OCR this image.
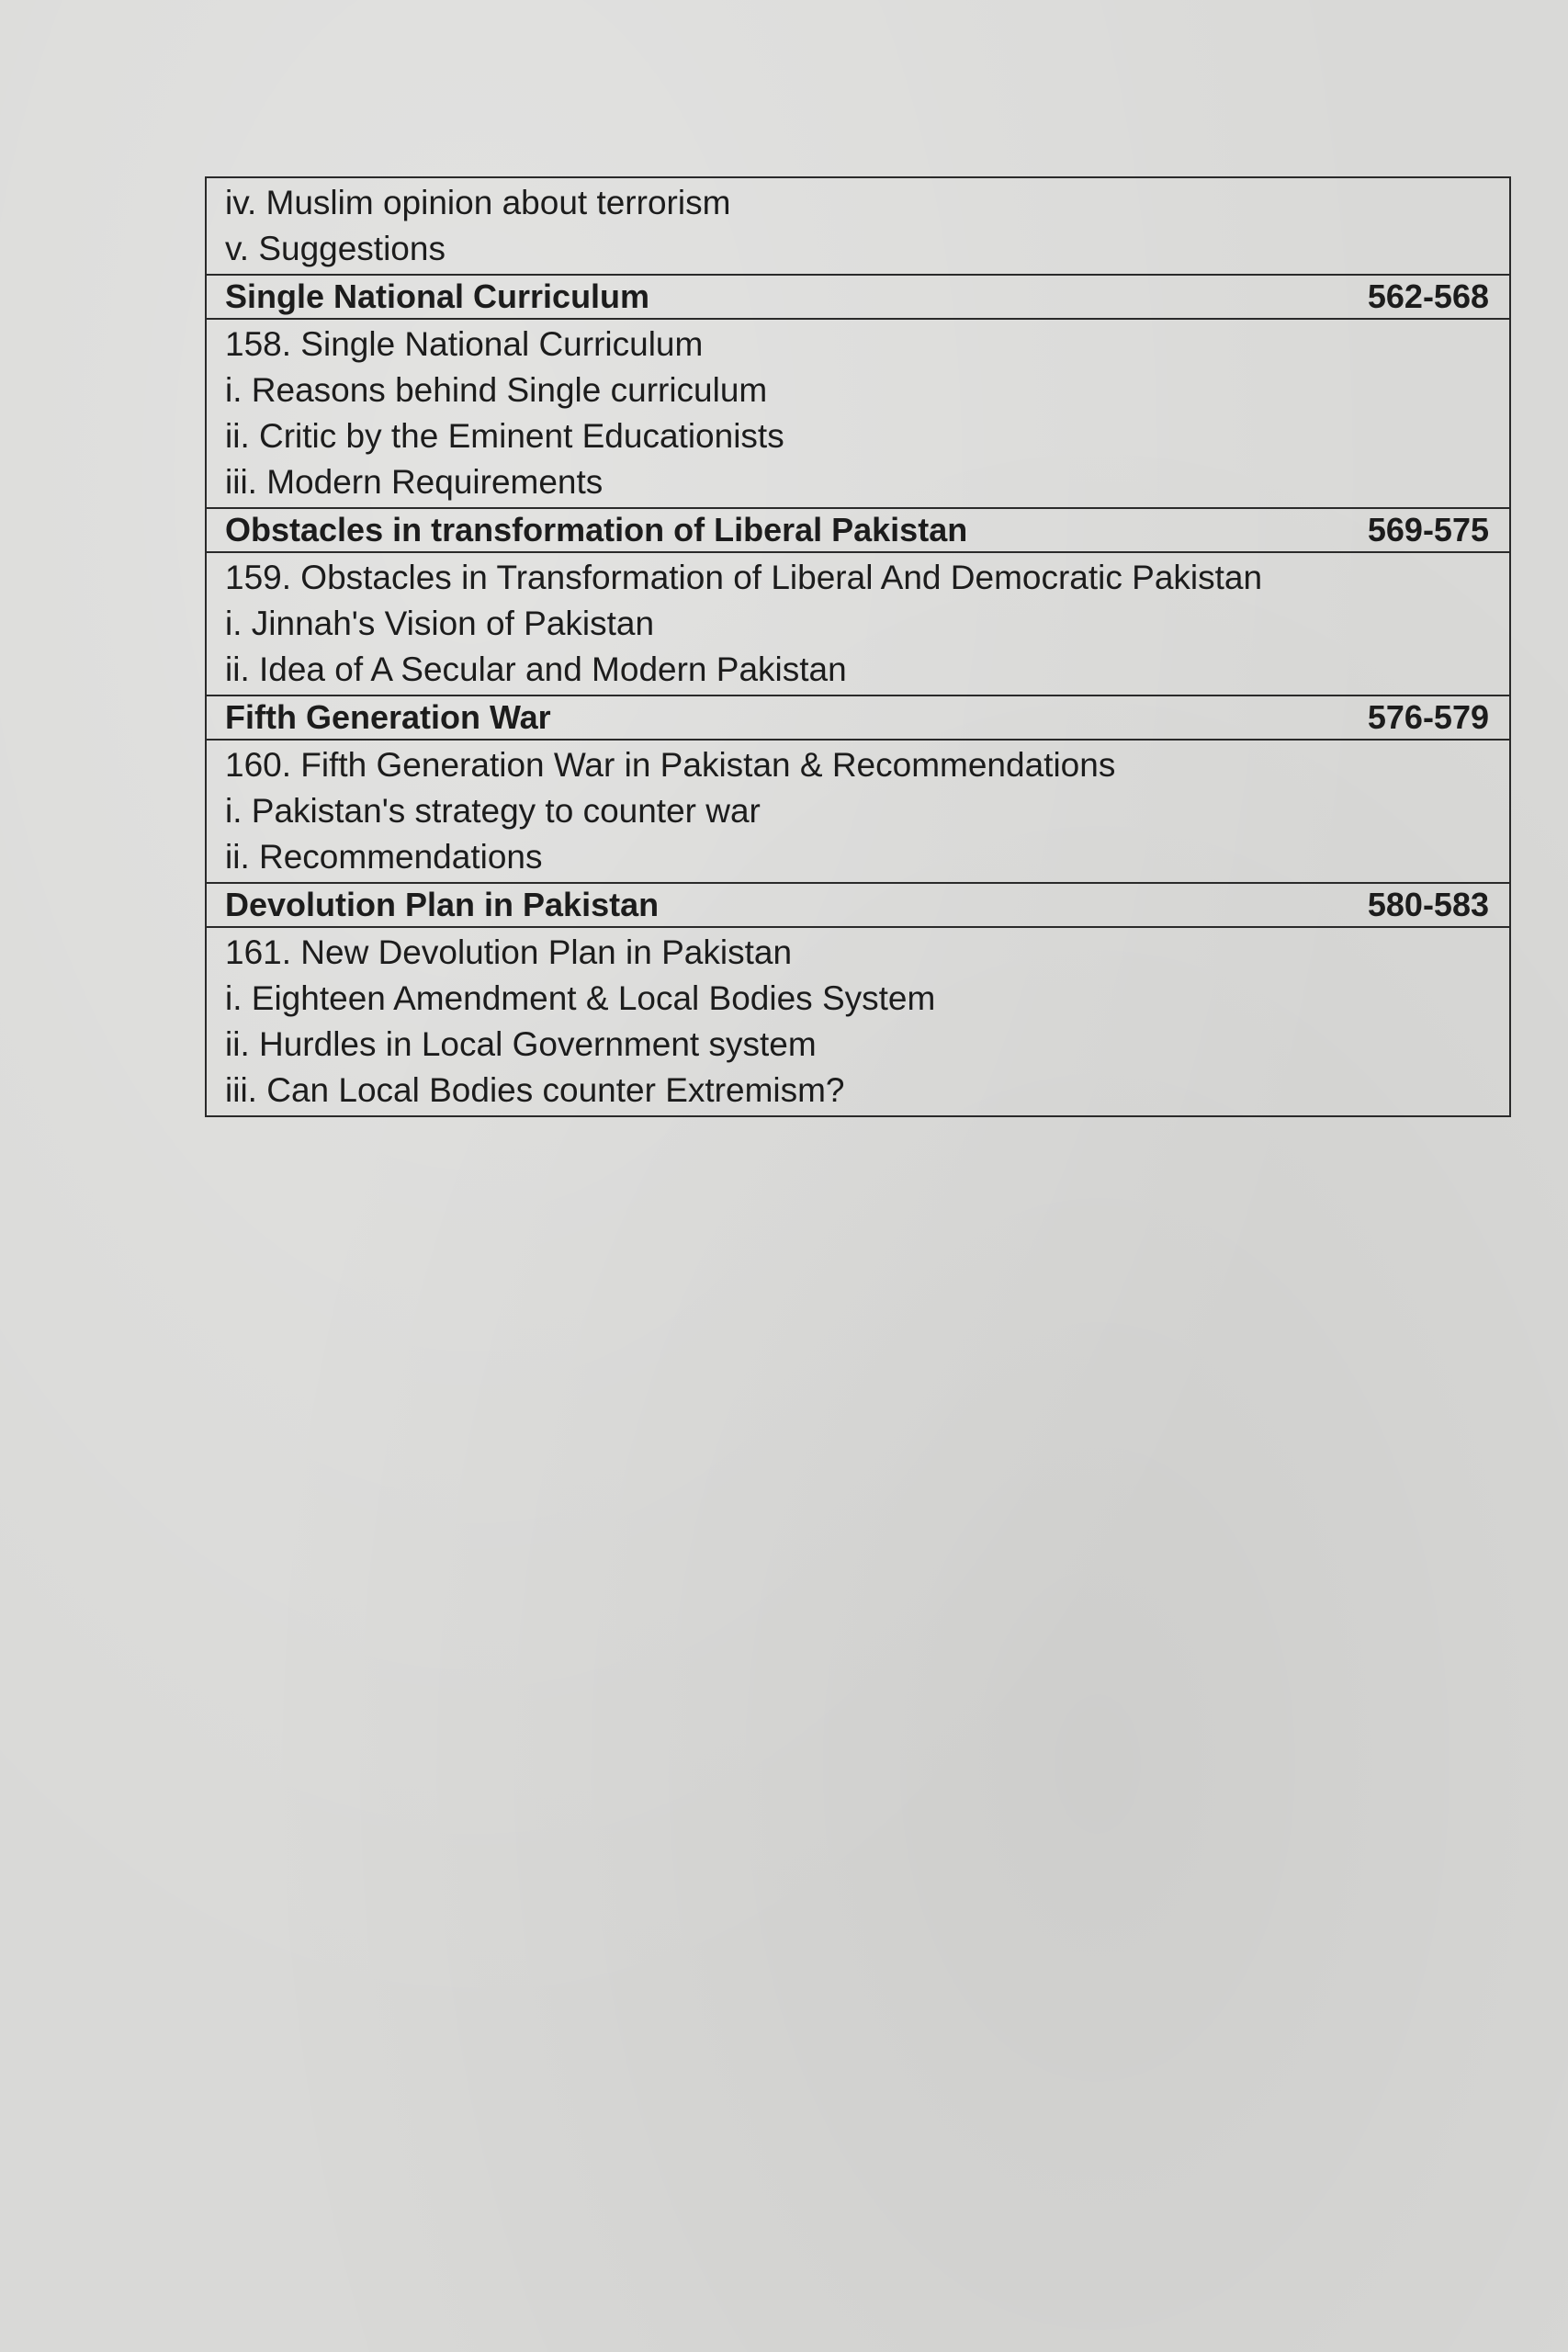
iv. Muslim opinion about terrorism
v. Suggestions
Single National Curriculum	562-568
158. Single National Curriculum
i. Reasons behind Single curriculum
ii. Critic by the Eminent Educationists
iii. Modern Requirements
Obstacles in transformation of Liberal Pakistan	569-575
159. Obstacles in Transformation of Liberal And Democratic Pakistan
i. Jinnah's Vision of Pakistan
ii. Idea of A Secular and Modern Pakistan
Fifth Generation War	576-579
160. Fifth Generation War in Pakistan & Recommendations
i. Pakistan's strategy to counter war
ii. Recommendations
Devolution Plan in Pakistan	580-583
161. New Devolution Plan in Pakistan
i. Eighteen Amendment & Local Bodies System
ii. Hurdles in Local Government system
iii. Can Local Bodies counter Extremism?
